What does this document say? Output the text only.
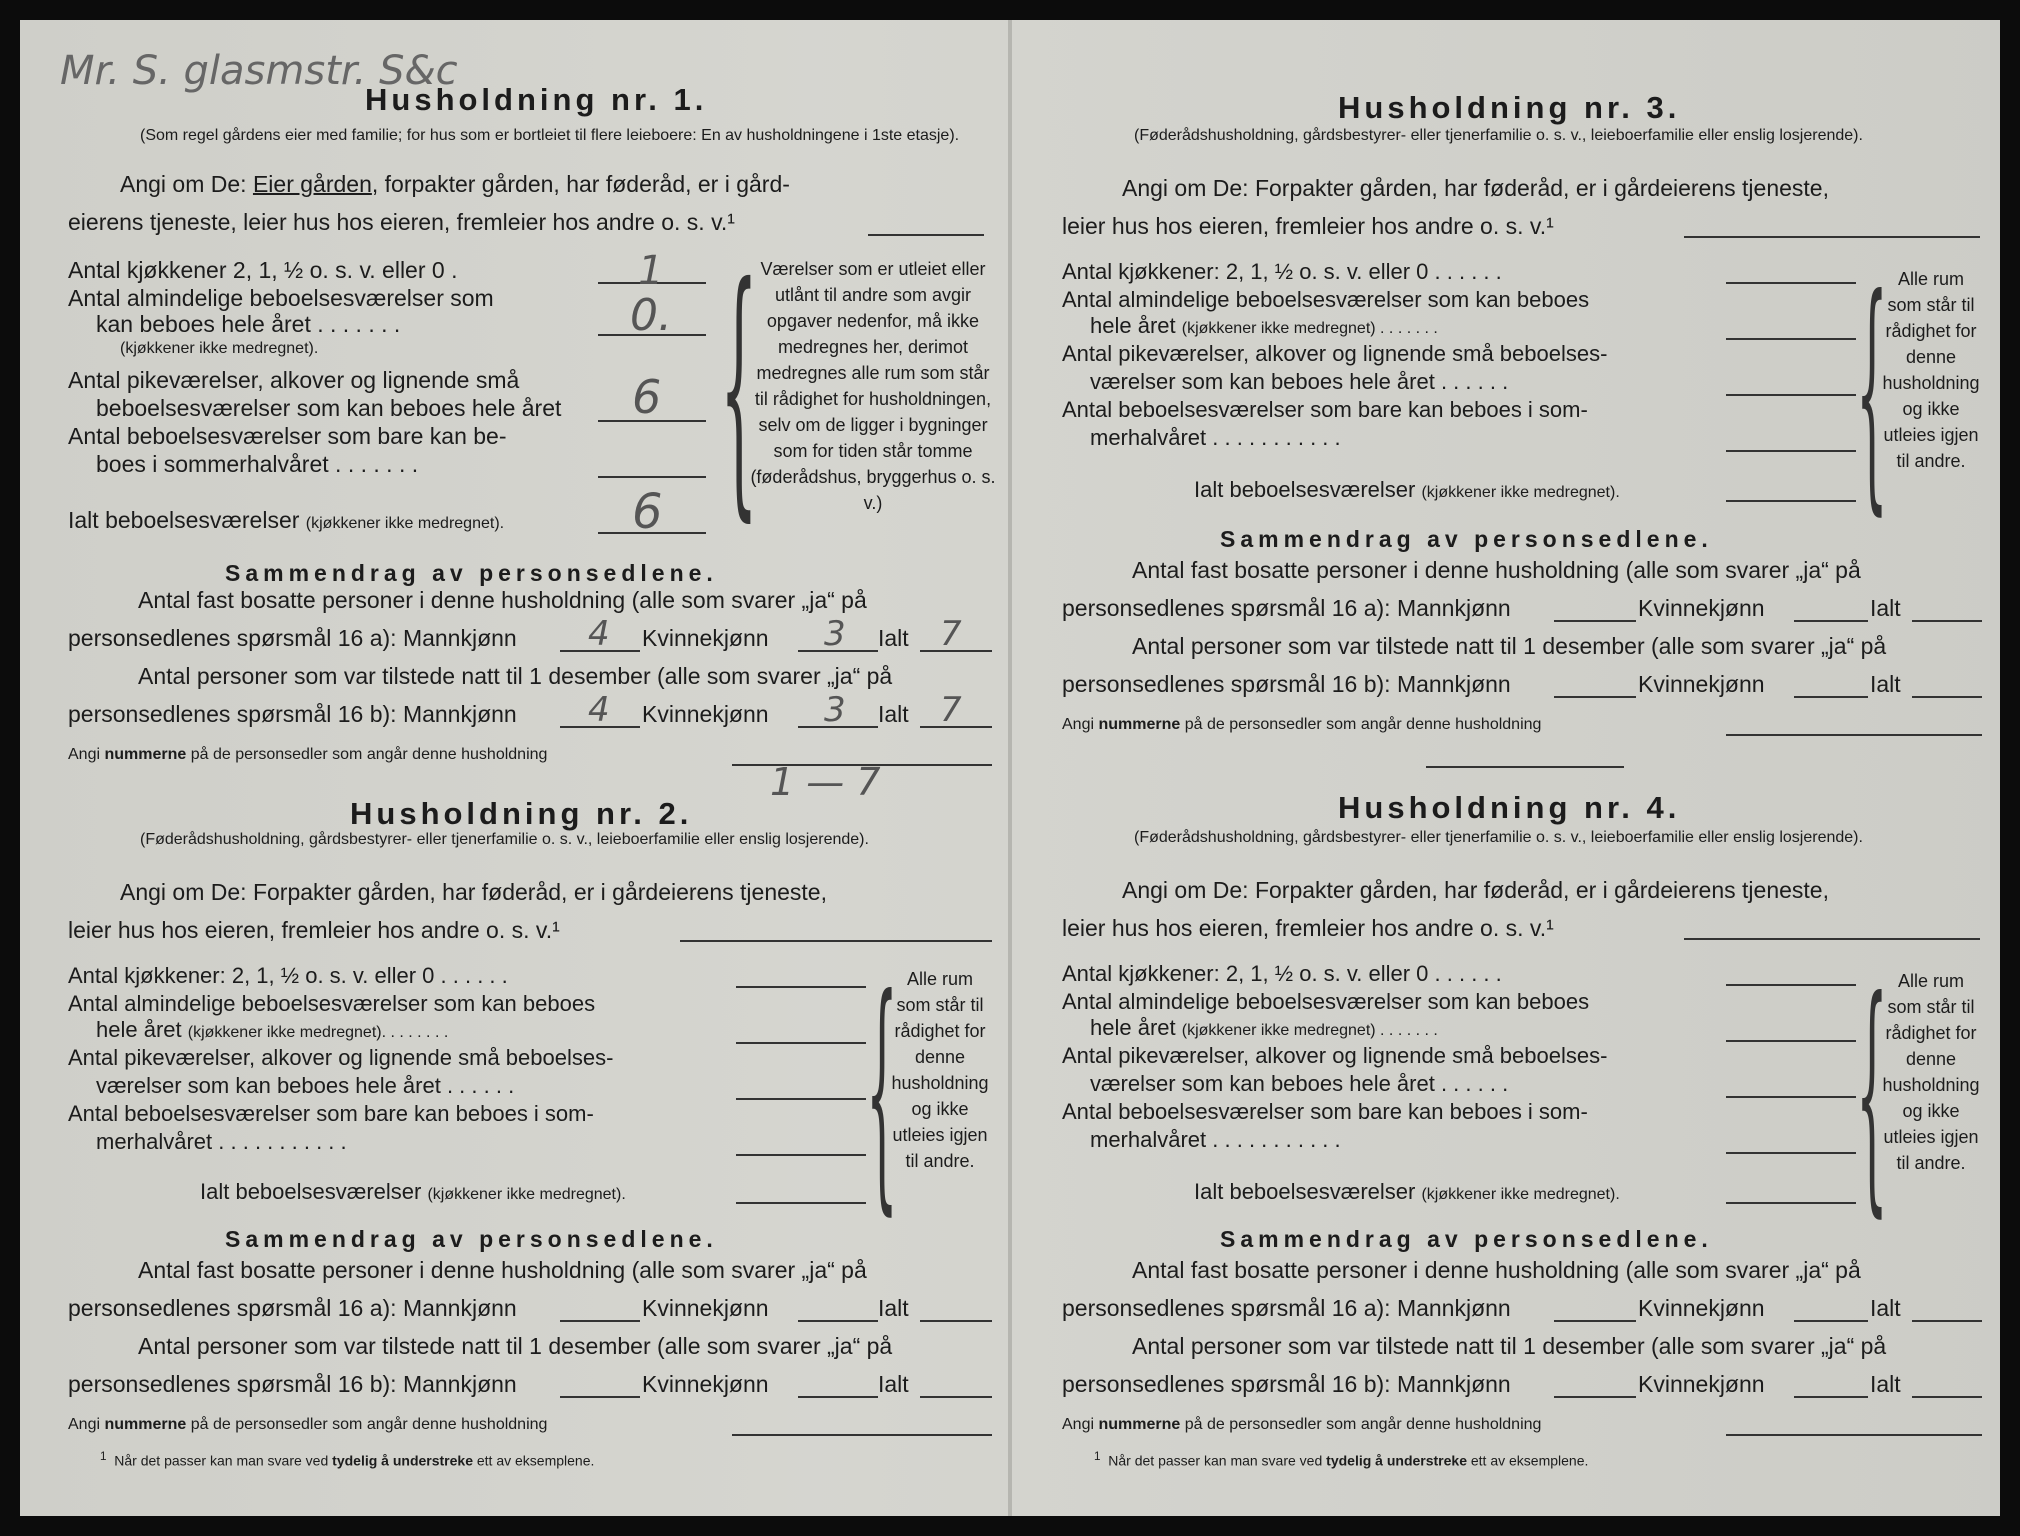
Mr. S. glasmstr. S&c
Husholdning nr. 1.
(Som regel gårdens eier med familie; for hus som er bortleiet til flere leieboere: En av husholdningene i 1ste etasje).
Angi om De: Eier gården, forpakter gården, har føderåd, er i gård-
eierens tjeneste, leier hus hos eieren, fremleier hos andre o. s. v.¹
Antal kjøkkener 2, 1, ½ o. s. v. eller 0 .	1
Antal almindelige beboelsesværelser som
kan beboes hele året . . . . . . .
(kjøkkener ikke medregnet).
0.
Antal pikeværelser, alkover og lignende små
beboelsesværelser som kan beboes hele året 6
Antal beboelsesværelser som bare kan be-
boes i sommerhalvåret . . . . . . .
Ialt beboelsesværelser (kjøkkener ikke medregnet).	6 { Værelser som er utleiet eller utlånt til andre som avgir opgaver nedenfor, må ikke medregnes her, derimot medregnes alle rum som står til rådighet for husholdningen, selv om de ligger i bygninger som for tiden står tomme (føderådshus, bryggerhus o. s. v.)
Sammendrag av personsedlene.
Antal fast bosatte personer i denne husholdning (alle som svarer „ja“ på
personsedlenes spørsmål 16 a): Mannkjønn 4 Kvinnekjønn 3 Ialt 7
Antal personer som var tilstede natt til 1 desember (alle som svarer „ja“ på
personsedlenes spørsmål 16 b): Mannkjønn 4 Kvinnekjønn 3 Ialt 7
Angi nummerne på de personsedler som angår denne husholdning
1 — 7
Husholdning nr. 2.
(Føderådshusholdning, gårdsbestyrer- eller tjenerfamilie o. s. v., leieboerfamilie eller enslig losjerende).
Angi om De: Forpakter gården, har føderåd, er i gårdeierens tjeneste,
leier hus hos eieren, fremleier hos andre o. s. v.¹
Antal kjøkkener: 2, 1, ½ o. s. v. eller 0 . . . . . .
Antal almindelige beboelsesværelser som kan beboes
hele året (kjøkkener ikke medregnet). . . . . . . .
Antal pikeværelser, alkover og lignende små beboelses-
værelser som kan beboes hele året . . . . . .
Antal beboelsesværelser som bare kan beboes i som-
merhalvåret . . . . . . . . . . .
Ialt beboelsesværelser (kjøkkener ikke medregnet). { Alle rum som står til rådighet for denne husholdning og ikke utleies igjen til andre.
Sammendrag av personsedlene.
Antal fast bosatte personer i denne husholdning (alle som svarer „ja“ på
personsedlenes spørsmål 16 a): Mannkjønn	Kvinnekjønn	Ialt
Antal personer som var tilstede natt til 1 desember (alle som svarer „ja“ på
personsedlenes spørsmål 16 b): Mannkjønn	Kvinnekjønn	Ialt
Angi nummerne på de personsedler som angår denne husholdning
$^1$ Når det passer kan man svare ved tydelig å understreke ett av eksemplene.
Husholdning nr. 3.
(Føderådshusholdning, gårdsbestyrer- eller tjenerfamilie o. s. v., leieboerfamilie eller enslig losjerende).
Angi om De: Forpakter gården, har føderåd, er i gårdeierens tjeneste,
leier hus hos eieren, fremleier hos andre o. s. v.¹
Antal kjøkkener: 2, 1, ½ o. s. v. eller 0 . . . . . .
Antal almindelige beboelsesværelser som kan beboes
hele året (kjøkkener ikke medregnet) . . . . . . .
Antal pikeværelser, alkover og lignende små beboelses-
værelser som kan beboes hele året . . . . . .
Antal beboelsesværelser som bare kan beboes i som-
merhalvåret . . . . . . . . . . .
Ialt beboelsesværelser (kjøkkener ikke medregnet). { Alle rum som står til rådighet for denne husholdning og ikke utleies igjen til andre.
Sammendrag av personsedlene.
Antal fast bosatte personer i denne husholdning (alle som svarer „ja“ på
personsedlenes spørsmål 16 a): Mannkjønn	Kvinnekjønn	Ialt
Antal personer som var tilstede natt til 1 desember (alle som svarer „ja“ på
personsedlenes spørsmål 16 b): Mannkjønn	Kvinnekjønn	Ialt
Angi nummerne på de personsedler som angår denne husholdning
Husholdning nr. 4.
(Føderådshusholdning, gårdsbestyrer- eller tjenerfamilie o. s. v., leieboerfamilie eller enslig losjerende).
Angi om De: Forpakter gården, har føderåd, er i gårdeierens tjeneste,
leier hus hos eieren, fremleier hos andre o. s. v.¹
Antal kjøkkener: 2, 1, ½ o. s. v. eller 0 . . . . . .
Antal almindelige beboelsesværelser som kan beboes
hele året (kjøkkener ikke medregnet) . . . . . . .
Antal pikeværelser, alkover og lignende små beboelses-
værelser som kan beboes hele året . . . . . .
Antal beboelsesværelser som bare kan beboes i som-
merhalvåret . . . . . . . . . . .
Ialt beboelsesværelser (kjøkkener ikke medregnet). { Alle rum som står til rådighet for denne husholdning og ikke utleies igjen til andre.
Sammendrag av personsedlene.
Antal fast bosatte personer i denne husholdning (alle som svarer „ja“ på
personsedlenes spørsmål 16 a): Mannkjønn	Kvinnekjønn	Ialt
Antal personer som var tilstede natt til 1 desember (alle som svarer „ja“ på
personsedlenes spørsmål 16 b): Mannkjønn	Kvinnekjønn	Ialt
Angi nummerne på de personsedler som angår denne husholdning
$^1$ Når det passer kan man svare ved tydelig å understreke ett av eksemplene.
